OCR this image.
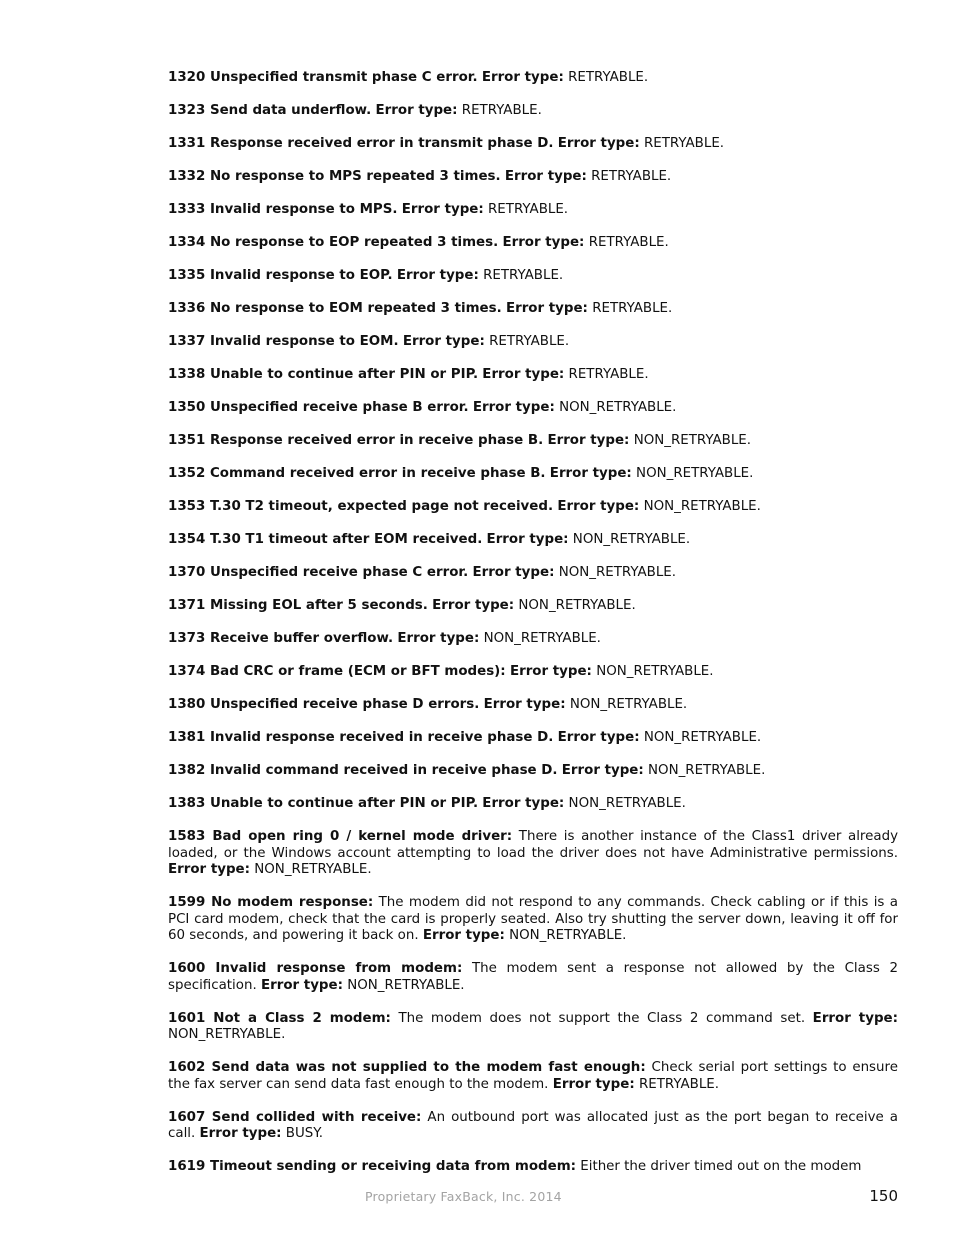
1320 Unspecified transmit phase C error. Error type: RETRYABLE.

1323 Send data underflow. Error type: RETRYABLE.

1331 Response received error in transmit phase D. Error type: RETRYABLE.

1332 No response to MPS repeated 3 times. Error type: RETRYABLE.

1333 Invalid response to MPS. Error type: RETRYABLE.

1334 No response to EOP repeated 3 times. Error type: RETRYABLE.

1335 Invalid response to EOP. Error type: RETRYABLE.

1336 No response to EOM repeated 3 times. Error type: RETRYABLE.

1337 Invalid response to EOM. Error type: RETRYABLE.

1338 Unable to continue after PIN or PIP. Error type: RETRYABLE.

1350 Unspecified receive phase B error. Error type: NON_RETRYABLE.

1351 Response received error in receive phase B. Error type: NON_RETRYABLE.

1352 Command received error in receive phase B. Error type: NON_RETRYABLE.

1353 T.30 T2 timeout, expected page not received. Error type: NON_RETRYABLE.

1354 T.30 T1 timeout after EOM received. Error type: NON_RETRYABLE.

1370 Unspecified receive phase C error. Error type: NON_RETRYABLE.

1371 Missing EOL after 5 seconds. Error type: NON_RETRYABLE.

1373 Receive buffer overflow. Error type: NON_RETRYABLE.

1374 Bad CRC or frame (ECM or BFT modes): Error type: NON_RETRYABLE.

1380 Unspecified receive phase D errors. Error type: NON_RETRYABLE.

1381 Invalid response received in receive phase D. Error type: NON_RETRYABLE.

1382 Invalid command received in receive phase D. Error type: NON_RETRYABLE.

1383 Unable to continue after PIN or PIP. Error type: NON_RETRYABLE.

1583 Bad open ring 0 / kernel mode driver: There is another instance of the Class1 driver already loaded, or the Windows account attempting to load the driver does not have Administrative permissions. Error type: NON_RETRYABLE.

1599 No modem response: The modem did not respond to any commands. Check cabling or if this is a PCI card modem, check that the card is properly seated. Also try shutting the server down, leaving it off for 60 seconds, and powering it back on. Error type: NON_RETRYABLE.

1600 Invalid response from modem: The modem sent a response not allowed by the Class 2 specification. Error type: NON_RETRYABLE.

1601 Not a Class 2 modem: The modem does not support the Class 2 command set. Error type: NON_RETRYABLE.

1602 Send data was not supplied to the modem fast enough: Check serial port settings to ensure the fax server can send data fast enough to the modem. Error type: RETRYABLE.

1607 Send collided with receive: An outbound port was allocated just as the port began to receive a call. Error type: BUSY.

1619 Timeout sending or receiving data from modem: Either the driver timed out on the modem

Proprietary FaxBack, Inc. 2014	150
